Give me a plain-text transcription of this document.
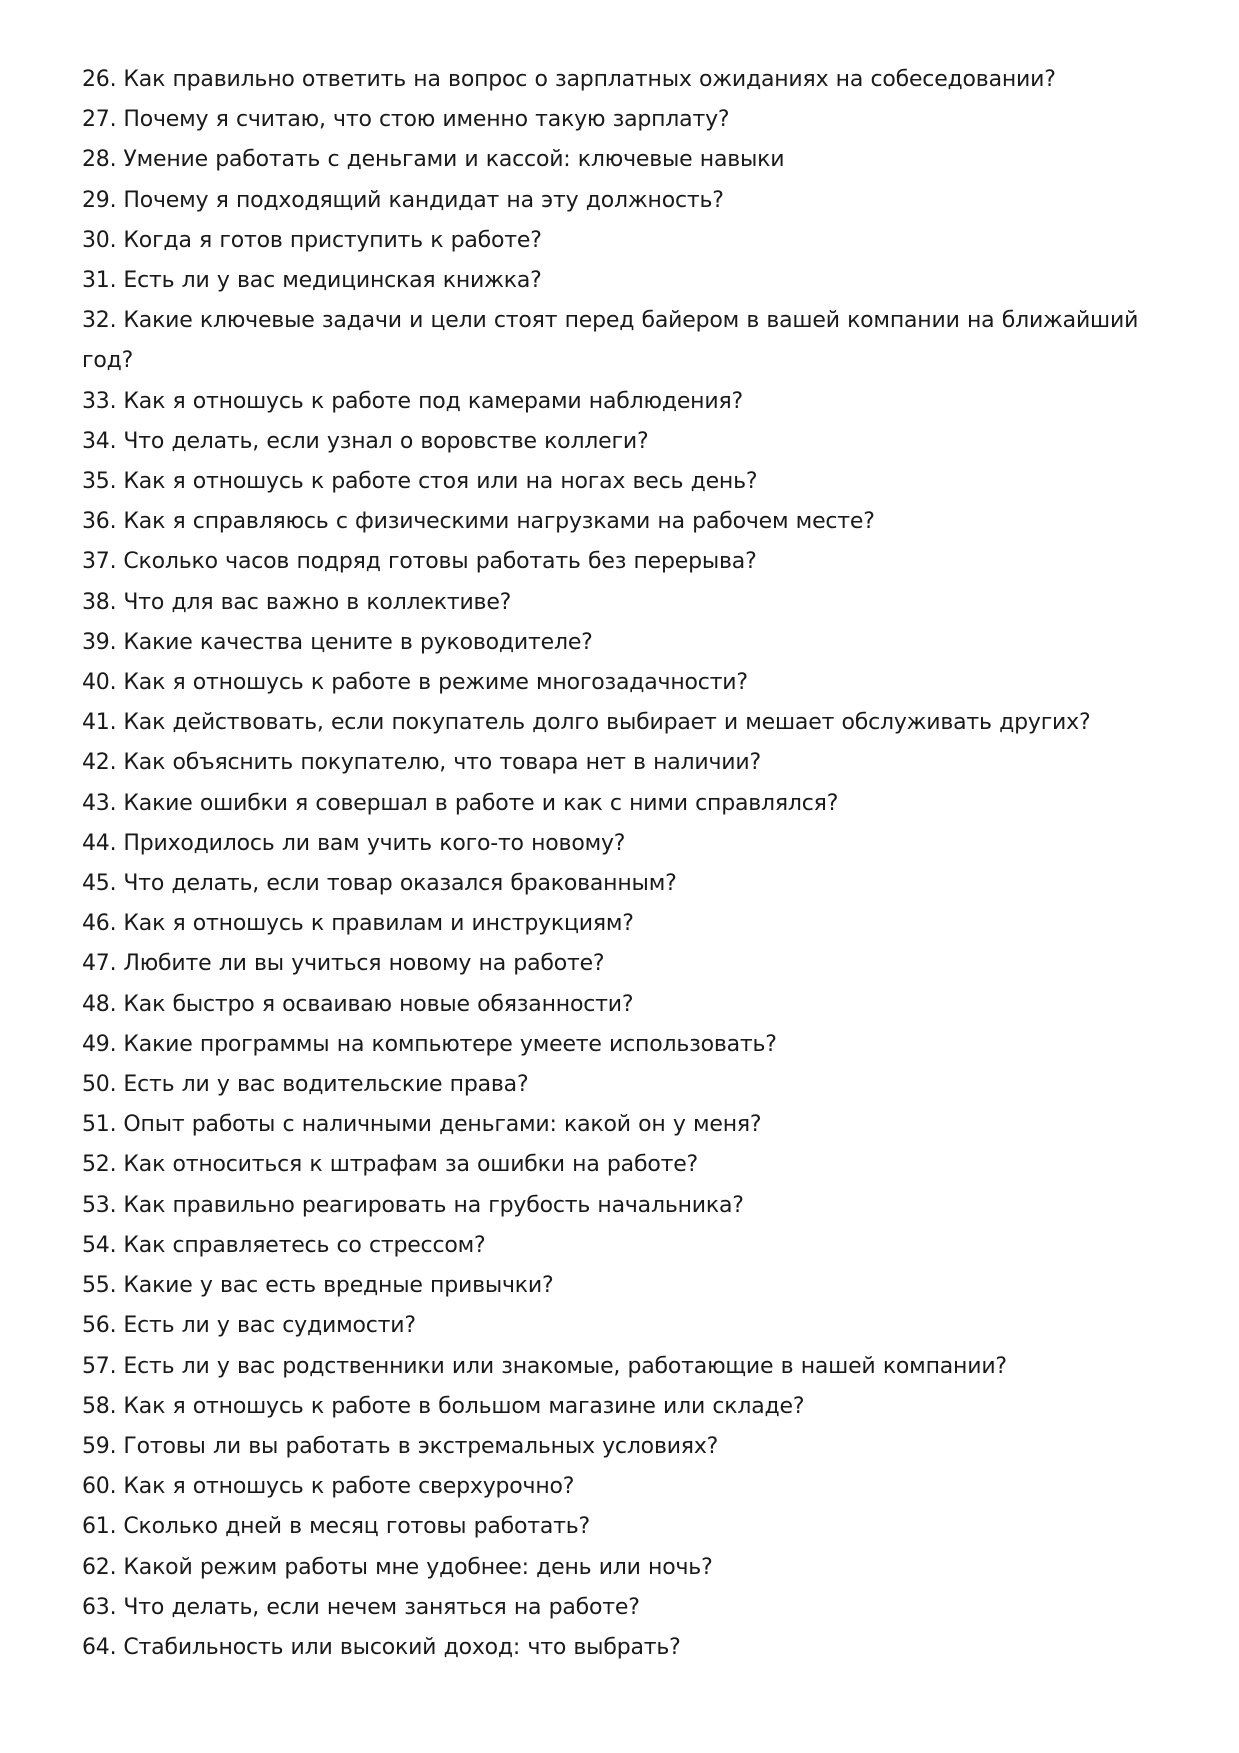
26. Как правильно ответить на вопрос о зарплатных ожиданиях на собеседовании?
27. Почему я считаю, что стою именно такую зарплату?
28. Умение работать с деньгами и кассой: ключевые навыки
29. Почему я подходящий кандидат на эту должность?
30. Когда я готов приступить к работе?
31. Есть ли у вас медицинская книжка?
32. Какие ключевые задачи и цели стоят перед байером в вашей компании на ближайший год?
33. Как я отношусь к работе под камерами наблюдения?
34. Что делать, если узнал о воровстве коллеги?
35. Как я отношусь к работе стоя или на ногах весь день?
36. Как я справляюсь с физическими нагрузками на рабочем месте?
37. Сколько часов подряд готовы работать без перерыва?
38. Что для вас важно в коллективе?
39. Какие качества цените в руководителе?
40. Как я отношусь к работе в режиме многозадачности?
41. Как действовать, если покупатель долго выбирает и мешает обслуживать других?
42. Как объяснить покупателю, что товара нет в наличии?
43. Какие ошибки я совершал в работе и как с ними справлялся?
44. Приходилось ли вам учить кого-то новому?
45. Что делать, если товар оказался бракованным?
46. Как я отношусь к правилам и инструкциям?
47. Любите ли вы учиться новому на работе?
48. Как быстро я осваиваю новые обязанности?
49. Какие программы на компьютере умеете использовать?
50. Есть ли у вас водительские права?
51. Опыт работы с наличными деньгами: какой он у меня?
52. Как относиться к штрафам за ошибки на работе?
53. Как правильно реагировать на грубость начальника?
54. Как справляетесь со стрессом?
55. Какие у вас есть вредные привычки?
56. Есть ли у вас судимости?
57. Есть ли у вас родственники или знакомые, работающие в нашей компании?
58. Как я отношусь к работе в большом магазине или складе?
59. Готовы ли вы работать в экстремальных условиях?
60. Как я отношусь к работе сверхурочно?
61. Сколько дней в месяц готовы работать?
62. Какой режим работы мне удобнее: день или ночь?
63. Что делать, если нечем заняться на работе?
64. Стабильность или высокий доход: что выбрать?
